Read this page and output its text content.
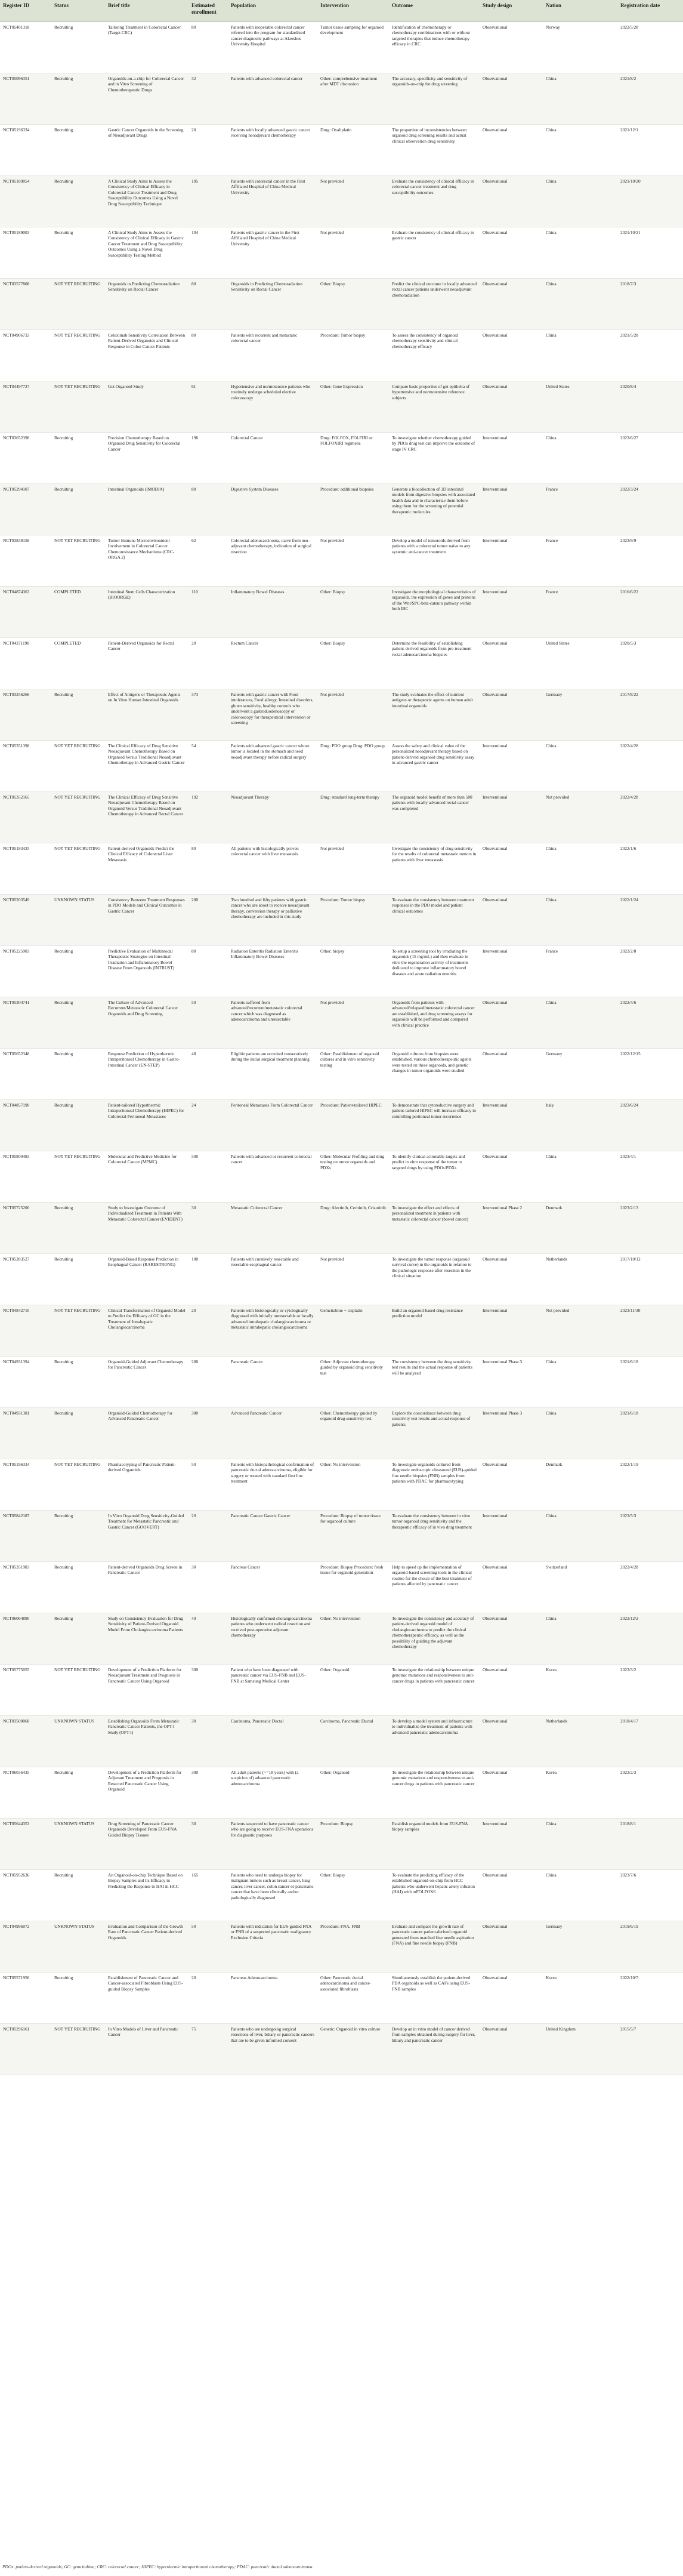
Register ID	Status	Brief title	Estimated enrollment	Population	Intervention	Outcome	Study design	Nation	Registration date
NCT05401318	Recruiting	Tailoring Treatment in Colorectal Cancer (Target CRC)	80	Patients with inoperable colorectal cancer referred into the program for standardized cancer diagnostic pathways at Akershus University Hospital	Tumor tissue sampling for organoid development	Identification of chemotherapy or chemotherapy combinations with or without targeted therapies that induce chemotherapy efficacy in CRC	Observational	Norway	2022/5/28
NCT05096351	Recruiting	Organoids-on-a-chip for Colorectal Cancer and in Vitro Screening of Chemotherapeutic Drugs	32	Patients with advanced colorectal cancer	Other: comprehensive treatment after MDT discussion	The accuracy, specificity and sensitivity of organoids-on-chip for drug screening	Observational	China	2021/8/2
NCT05196334	Recruiting	Gastric Cancer Organoids in the Screening of Neoadjuvant Drugs	20	Patients with locally advanced gastric cancer receiving neoadjuvant chemotherapy	Drug: Oxaliplatin	The proportion of inconsistencies between organoid drug screening results and actual clinical observation drug sensitivity	Observational	China	2021/12/1
NCT05189054	Recruiting	A Clinical Study Aims to Assess the Consistency of Clinical Efficacy in Colorectal Cancer Treatment and Drug Susceptibility Outcomes Using a Novel Drug Susceptibility Technique	105	Patients with colorectal cancer in the First Affiliated Hospital of China Medical University	Not provided	Evaluate the consistency of clinical efficacy in colorectal cancer treatment and drug susceptibility outcomes	Observational	China	2021/10/20
NCT05189003	Recruiting	A Clinical Study Aims to Assess the Consistency of Clinical Efficacy in Gastric Cancer Treatment and Drug Susceptibility Outcomes Using a Novel Drug Susceptibility Testing Method	104	Patients with gastric cancer in the First Affiliated Hospital of China Medical University	Not provided	Evaluate the consistency of clinical efficacy in gastric cancer	Observational	China	2021/10/21
NCT03577808	NOT YET RECRUITING	Organoids in Predicting Chemoradiation Sensitivity on Rectal Cancer	80	Organoids in Predicting Chemoradiation Sensitivity on Rectal Cancer	Other: Biopsy	Predict the clinical outcome in locally advanced rectal cancer patients underwent neoadjuvant chemoradiation	Observational	China	2018/7/3
NCT04906733	NOT YET RECRUITING	Cetuximab Sensitivity Correlation Between Patient-Derived Organoids and Clinical Response in Colon Cancer Patients	80	Patients with recurrent and metastatic colorectal cancer	Procedure: Tumor biopsy	To assess the consistency of organoid chemotherapy sensitivity and clinical chemotherapy efficacy	Observational	China	2021/5/28
NCT04497727	NOT YET RECRUITING	Gut Organoid Study	61	Hypertensive and normotensive patients who routinely undergo scheduled elective colonoscopy	Other: Gene Expression	Compare basic properties of gut epithelia of hypertensive and normotensive reference subjects	Observational	United States	2020/8/4
NCT03652398	Recruiting	Precision Chemotherapy Based on Organoid Drug Sensitivity for Colorectal Cancer	196	Colorectal Cancer	Drug: FOLFOX, FOLFIRI or FOLFOXIRI regimens	To investigate whether chemotherapy guided by PDOs drug test can improve the outcome of stage IV CRC	Interventional	China	2023/6/27
NCT05294107	Recruiting	Intestinal Organoids (IMODIA)	80	Digestive System Diseases	Procedure: additional biopsies	Generate a biocollection of 3D intestinal models from digestive biopsies with associated health data and to characterize them before using them for the screening of potential therapeutic molecules	Interventional	France	2022/3/24
NCT03838158	NOT YET RECRUITING	Tumor Immune Microenvironment Involvement in Colorectal Cancer Chemoresistance Mechanisms (CRC-ORGA 2)	62	Colorectal adenocarcinoma, naive from neo-adjuvant chemotherapy, indication of surgical resection	Not provided	Develop a model of tumoroids derived from patients with a colorectal tumor naive to any systemic anti-cancer treatment	Interventional	France	2023/9/9
NCT04874363	COMPLETED	Intestinal Stem Cells Characterization (BIOORGE)	110	Inflammatory Bowel Diseases	Other: Biopsy	Investigate the morphological characteristics of organoids, the expression of genes and proteins of the Wnt/SPC-beta-catenin pathway within both IBC	Interventional	France	2016/6/22
NCT04371198	COMPLETED	Patient-Derived Organoids for Rectal Cancer	20	Rectum Cancer	Other: Biopsy	Determine the feasibility of establishing patient-derived organoids from pre-treatment rectal adenocarcinoma biopsies	Observational	United States	2020/5/3
NCT03256266	Recruiting	Effect of Antigens or Therapeutic Agents on In Vitro Human Intestinal Organoids	373	Patients with gastric cancer with Food intolerances, Food allergy, Intestinal disorders, gluten sensitivity, healthy controls who underwent a gastroduodenoscopy or colonoscopy for therapeutical intervention or screening	Not provided	The study evaluates the effect of nutrient antigens or therapeutic agents on human adult intestinal organoids	Observational	Germany	2017/8/22
NCT05351398	NOT YET RECRUITING	The Clinical Efficacy of Drug Sensitive Neoadjuvant Chemotherapy Based on Organoid Versus Traditional Neoadjuvant Chemotherapy in Advanced Gastric Cancer	54	Patients with advanced gastric cancer whose tumor is located in the stomach and need neoadjuvant therapy before radical surgery	Drug: PDO group Drug: PDO group	Assess the safety and clinical value of the personalized neoadjuvant therapy based on patient-derived organoid drug sensitivity assay in advanced gastric cancer	Interventional	China	2022/4/28
NCT05352165	NOT YET RECRUITING	The Clinical Efficacy of Drug Sensitive Neoadjuvant Chemotherapy Based on Organoid Versus Traditional Neoadjuvant Chemotherapy in Advanced Rectal Cancer	192	Neoadjuvant Therapy	Drug: standard long-term therapy	The organoid model benefit of more than 500 patients with locally advanced rectal cancer was completed	Interventional	Not provided	2022/4/28
NCT05183425	NOT YET RECRUITING	Patient-derived Organoids Predict the Clinical Efficacy of Colorectal Liver Metastasis	80	All patients with histologically proven colorectal cancer with liver metastasis	Not provided	Investigate the consistency of drug sensitivity for the results of colorectal metastatic tumors in patients with liver metastasis	Observational	China	2022/1/6
NCT05203549	UNKNOWN STATUS	Consistency Between Treatment Responses in PDO Models and Clinical Outcomes in Gastric Cancer	200	Two hundred and fifty patients with gastric cancer who are about to receive neoadjuvant therapy, conversion therapy or palliative chemotherapy are included in this study	Procedure: Tumor biopsy	To evaluate the consistency between treatment responses in the PDO model and patient clinical outcomes	Observational	China	2022/1/24
NCT05225903	Recruiting	Predictive Evaluation of Multimodal Therapeutic Strategies on Intestinal Irradiation and Inflammatory Bowel Disease From Organoids (INTRUST)	80	Radiation Enteritis Radiation Enteritis Inflammatory Bowel Diseases	Other: biopsy	To setup a screening tool by irradiating the organoids (15 mg/mL) and then evaluate in vitro the regeneration activity of treatments dedicated to improve inflammatory bowel diseases and acute radiation enteritis	Interventional	France	2022/2/8
NCT05304741	Recruiting	The Culture of Advanced Recurrent/Metastatic Colorectal Cancer Organoids and Drug Screening	50	Patients suffered from advanced/recurrent/metastatic colorectal cancer which was diagnosed as adenocarcinoma and unresectable	Not provided	Organoids from patients with advanced/relapsed/metastatic colorectal cancer are established, and drug screening assays for organoids will be performed and compared with clinical practice	Observational	China	2022/4/6
NCT05652348	Recruiting	Response Prediction of Hyperthermic Intraperitoneal Chemotherapy in Gastro-Intestinal Cancer (EN-STEP)	48	Eligible patients are recruited consecutively during the initial surgical treatment planning	Other: Establishment of organoid cultures and in vitro sensitivity testing	Organoid cultures from biopsies were established, various chemotherapeutic agents were tested on these organoids, and genetic changes in tumor organoids were studied	Observational	Germany	2022/12/15
NCT04857190	Recruiting	Patient-tailored Hyperthermic Intraperitoneal Chemotherapy (HIPEC) for Colorectal Peritoneal Metastases	24	Peritoneal Metastases From Colorectal Cancer	Procedure: Patient-tailored HIPEC	To demonstrate that cytoreductive surgery and patient-tailored HIPEC will increase efficacy in controlling peritoneal tumor recurrence	Interventional	Italy	2023/6/24
NCT05800483	NOT YET RECRUITING	Molecular and Predictive Medicine for Colorectal Cancer (MPMC)	500	Patients with advanced or recurrent colorectal cancer	Other: Molecular Profiling and drug testing on tumor organoids and PDXs	To identify clinical actionable targets and predict in vitro response of the tumor to targeted drugs by using PDOs/PDXs	Observational	China	2023/4/1
NCT05725200	Recruiting	Study to Investigate Outcome of Individualized Treatment in Patients With Metastatic Colorectal Cancer (EVIDENT)	30	Metastatic Colorectal Cancer	Drug: Alectinib, Ceritinib, Crizotinib	To investigate the effect and effects of personalized treatment in patients with metastatic colorectal cancer (bowel cancer)	Interventional Phase 2	Denmark	2023/2/13
NCT05283527	Recruiting	Organoid-Based Response Prediction in Esophageal Cancer (RARESTRONG)	100	Patients with curatively resectable and resectable esophageal cancer	Not provided	To investigate the tumor response (organoid survival curve) in the organoids in relation to the pathologic response after resection in the clinical situation	Observational	Netherlands	2017/10/12
NCT04842710	NOT YET RECRUITING	Clinical Transformation of Organoid Model to Predict the Efficacy of GC in the Treatment of Intrahepatic Cholangiocarcinoma	20	Patients with histologically or cytologically diagnosed with initially unresectable or locally advanced intrahepatic cholangiocarcinoma or metastatic intrahepatic cholangiocarcinoma	Gemcitabine + cisplatin	Build an organoid-based drug resistance prediction model	Interventional	Not provided	2023/11/30
NCT04931394	Recruiting	Organoid-Guided Adjuvant Chemotherapy for Pancreatic Cancer	200	Pancreatic Cancer	Other: Adjuvant chemotherapy guided by organoid drug sensitivity test	The consistency between the drug sensitivity test results and the actual response of patients will be analyzed	Interventional Phase 3	China	2021/6/18
NCT04931381	Recruiting	Organoid-Guided Chemotherapy for Advanced Pancreatic Cancer	300	Advanced Pancreatic Cancer	Other: Chemotherapy guided by organoid drug sensitivity test	Explore the concordance between drug sensitivity test results and actual response of patients	Interventional Phase 3	China	2021/6/18
NCT05196334	NOT YET RECRUITING	Pharmacotyping of Pancreatic Patient-derived Organoids	50	Patients with histopathological confirmation of pancreatic ductal adenocarcinoma, eligible for surgery or treated with standard first line treatment	Other: No intervention	To investigate organoids cultured from diagnostic endoscopic ultrasound (EUS)-guided fine needle biopsies (FNB) samples from patients with PDAC for pharmacotyping	Observational	Denmark	2022/1/19
NCT05842187	Recruiting	In Vitro Organoid Drug Sensitivity-Guided Treatment for Metastatic Pancreatic and Gastric Cancer (GOOVERT)	20	Pancreatic Cancer Gastric Cancer	Procedure: Biopsy of tumor tissue for organoid culture	To evaluate the consistency between in vitro tumor organoid drug sensitivity and the therapeutic efficacy of in vivo drug treatment	Interventional	China	2023/5/3
NCT05351983	Recruiting	Patient-derived Organoids Drug Screen in Pancreatic Cancer	30	Pancreas Cancer	Procedure: Biopsy Procedure: fresh tissue for organoid generation	Help to speed up the implementation of organoid-based screening tools in the clinical routine for the choice of the best treatment of patients affected by pancreatic cancer	Observational	Switzerland	2022/4/28
NCT06064890	Recruiting	Study on Consistency Evaluation for Drug Sensitivity of Patient-Derived Organoid Model From Cholangiocarcinoma Patients	40	Histologically confirmed cholangiocarcinoma patients who underwent radical resection and received post-operative adjuvant chemotherapy	Other: No intervention	To investigate the consistency and accuracy of patient-derived organoid model of cholangiocarcinoma to predict the clinical chemotherapeutic efficacy, as well as the possibility of guiding the adjuvant chemotherapy	Observational	China	2022/12/2
NCT05775055	NOT YET RECRUITING	Development of a Prediction Platform for Neoadjuvant Treatment and Prognosis in Pancreatic Cancer Using Organoid	300	Patient who have been diagnosed with pancreatic cancer via EUS-FNB and EUS-FNB at Samsung Medical Center	Other: Organoid	To investigate the relationship between unique genomic mutations and responsiveness to anti-cancer drugs in patients with pancreatic cancer	Observational	Korea	2023/3/2
NCT03500068	UNKNOWN STATUS	Establishing Organoids From Metastatic Pancreatic Cancer Patients, the OPT-I Study (OPT-I)	30	Carcinoma, Pancreatic Ductal	Carcinoma, Pancreatic Ductal	To develop a model system and infrastructure to individualize the treatment of patients with advanced pancreatic adenocarcinoma	Observational	Netherlands	2018/4/17
NCT06036435	Recruiting	Development of a Prediction Platform for Adjuvant Treatment and Prognosis in Resected Pancreatic Cancer Using Organoid	300	All adult patients (>=18 years) with (a suspicion of) advanced pancreatic adenocarcinoma	Other: Organoid	To investigate the relationship between unique genomic mutations and responsiveness to anti-cancer drugs in patients with pancreatic cancer	Observational	Korea	2023/2/3
NCT05644353	UNKNOWN STATUS	Drug Screening of Pancreatic Cancer Organoids Developed From EUS-FNA Guided Biopsy Tissues	30	Patients suspected to have pancreatic cancer who are going to receive EUS-FNA operations for diagnostic purposes	Procedure: Biopsy	Establish organoid models from EUS-FNA biopsy samples	Interventional	China	2018/8/1
NCT05952636	Recruiting	An Organoid-on-chip Technique Based on Biopsy Samples and Its Efficacy in Predicting the Response to HAI in HCC	165	Patients who need to undergo biopsy for malignant tumors such as breast cancer, lung cancer, liver cancer, colon cancer or pancreatic cancer that have been clinically and/or pathologically diagnosed	Other: Biopsy	To evaluate the predicting efficacy of the established organoid-on-chip from HCC patients who underwent hepatic artery infusion (HAI) with mFOLFOX6	Observational	China	2023/7/6
NCT04996072	UNKNOWN STATUS	Evaluation and Comparison of the Growth Rate of Pancreatic Cancer Patient-derived Organoids	50	Patients with indication for EUS-guided FNA or FNB of a suspected pancreatic malignancy Exclusion Criteria	Procedure: FNA, FNB	Evaluate and compare the growth rate of pancreatic cancer patient-derived organoid generated from matched fine needle aspiration (FNA) and fine needle biopsy (FNB)	Observational	Germany	2019/6/19
NCT05571956	Recruiting	Establishment of Pancreatic Cancer and Cancer-associated Fibroblasts Using EUS-guided Biopsy Samples	20	Pancreas Adenocarcinoma	Other: Pancreatic ductal adenocarcinoma and cancer-associated fibroblasts	Simultaneously establish the patient-derived PDA organoids as well as CAFs using EUS-FNB samples	Observational	Korea	2022/10/7
NCT05296161	NOT YET RECRUITING	In Vitro Models of Liver and Pancreatic Cancer	75	Patients who are undergoing surgical resections of liver, biliary or pancreatic cancers that are to be given informed consent	Genetic: Organoid in vitro culture	Develop an in vitro model of cancer derived from samples obtained during surgery for liver, biliary and pancreatic cancer	Observational	United Kingdom	2015/5/7
PDOs: patient-derived organoids; GC: gemcitabine; CRC: colorectal cancer; HIPEC: hyperthermic intraperitoneal chemotherapy; PDAC: pancreatic ductal adenocarcinoma.
